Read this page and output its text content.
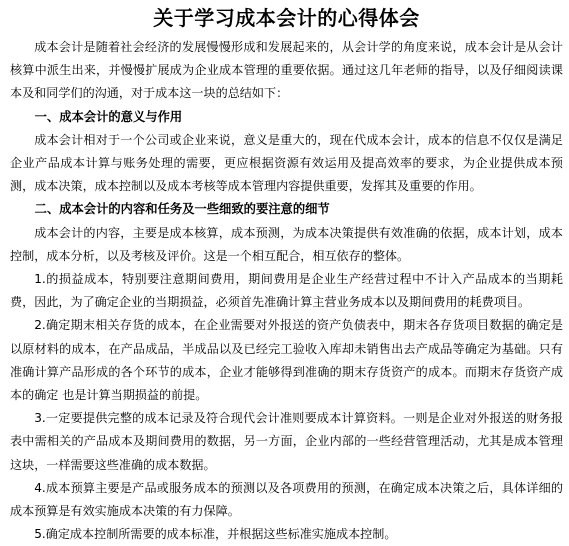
关于学习成本会计的心得体会

成本会计是随着社会经济的发展慢慢形成和发展起来的，从会计学的角度来说，成本会计是从会计核算中派生出来，并慢慢扩展成为企业成本管理的重要依据。通过这几年老师的指导，以及仔细阅读课本及和同学们的沟通，对于成本这一块的总结如下：

一、成本会计的意义与作用

成本会计相对于一个公司或企业来说，意义是重大的，现在代成本会计，成本的信息不仅仅是满足企业产品成本计算与账务处理的需要，更应根据资源有效运用及提高效率的要求，为企业提供成本预测，成本决策，成本控制以及成本考核等成本管理内容提供重要，发挥其及重要的作用。

二、成本会计的内容和任务及一些细致的要注意的细节

成本会计的内容，主要是成本核算，成本预测，为成本决策提供有效准确的依据，成本计划，成本控制，成本分析，以及考核及评价。这是一个相互配合，相互依存的整体。

1.的损益成本，特别要注意期间费用，期间费用是企业生产经营过程中不计入产品成本的当期耗费，因此，为了确定企业的当期损益，必须首先准确计算主营业务成本以及期间费用的耗费项目。

2.确定期末相关存货的成本，在企业需要对外报送的资产负债表中，期末各存货项目数据的确定是以原材料的成本，在产品成品，半成品以及已经完工验收入库却未销售出去产成品等确定为基础。只有准确计算产品形成的各个环节的成本，企业才能够得到准确的期末存货资产的成本。而期末存货资产成本的确定 也是计算当期损益的前提。

3.一定要提供完整的成本记录及符合现代会计准则要成本计算资料。一则是企业对外报送的财务报表中需相关的产品成本及期间费用的数据，另一方面，企业内部的一些经营管理活动，尤其是成本管理这块，一样需要这些准确的成本数据。

4.成本预算主要是产品或服务成本的预测以及各项费用的预测，在确定成本决策之后，具体详细的成本预算是有效实施成本决策的有力保障。

5.确定成本控制所需要的成本标准，并根据这些标准实施成本控制。
